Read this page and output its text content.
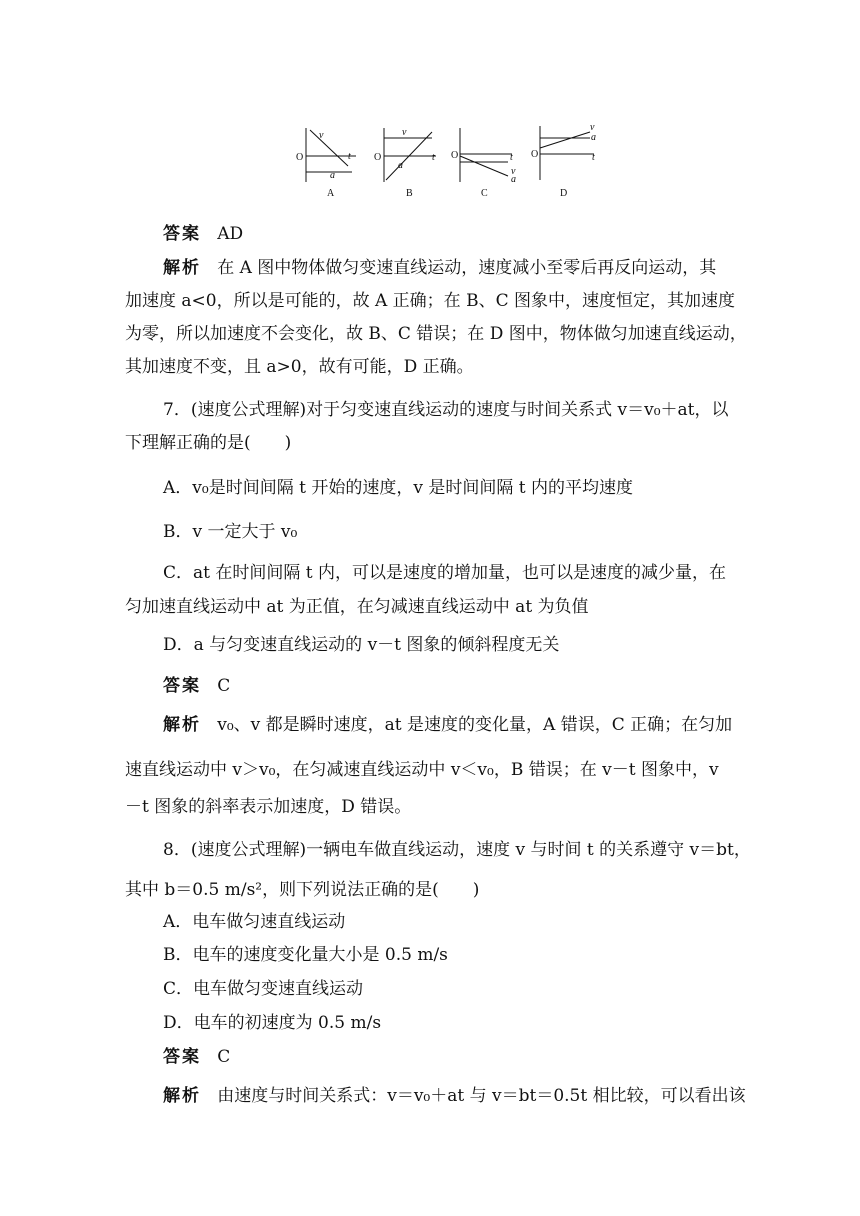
O
v
t
a
A
O
v
t
a
B
O	t
v
a
C
O
v
a
t
D
答案 AD
解析 在 A 图中物体做匀变速直线运动，速度减小至零后再反向运动，其
加速度 a<0，所以是可能的，故 A 正确；在 B、C 图象中，速度恒定，其加速度
为零，所以加速度不会变化，故 B、C 错误；在 D 图中，物体做匀加速直线运动，
其加速度不变，且 a>0，故有可能，D 正确。
7．(速度公式理解)对于匀变速直线运动的速度与时间关系式 v＝v₀＋at，以
下理解正确的是(　　)
A．v₀是时间间隔 t 开始的速度，v 是时间间隔 t 内的平均速度
B．v 一定大于 v₀
C．at 在时间间隔 t 内，可以是速度的增加量，也可以是速度的减少量，在
匀加速直线运动中 at 为正值，在匀减速直线运动中 at 为负值
D．a 与匀变速直线运动的 v－t 图象的倾斜程度无关
答案 C
解析 v₀、v 都是瞬时速度，at 是速度的变化量，A 错误，C 正确；在匀加
速直线运动中 v＞v₀，在匀减速直线运动中 v＜v₀，B 错误；在 v－t 图象中，v
－t 图象的斜率表示加速度，D 错误。
8．(速度公式理解)一辆电车做直线运动，速度 v 与时间 t 的关系遵守 v＝bt，
其中 b＝0.5 m/s²，则下列说法正确的是(　　)
A．电车做匀速直线运动
B．电车的速度变化量大小是 0.5 m/s
C．电车做匀变速直线运动
D．电车的初速度为 0.5 m/s
答案 C
解析 由速度与时间关系式：v＝v₀＋at 与 v＝bt＝0.5t 相比较，可以看出该
